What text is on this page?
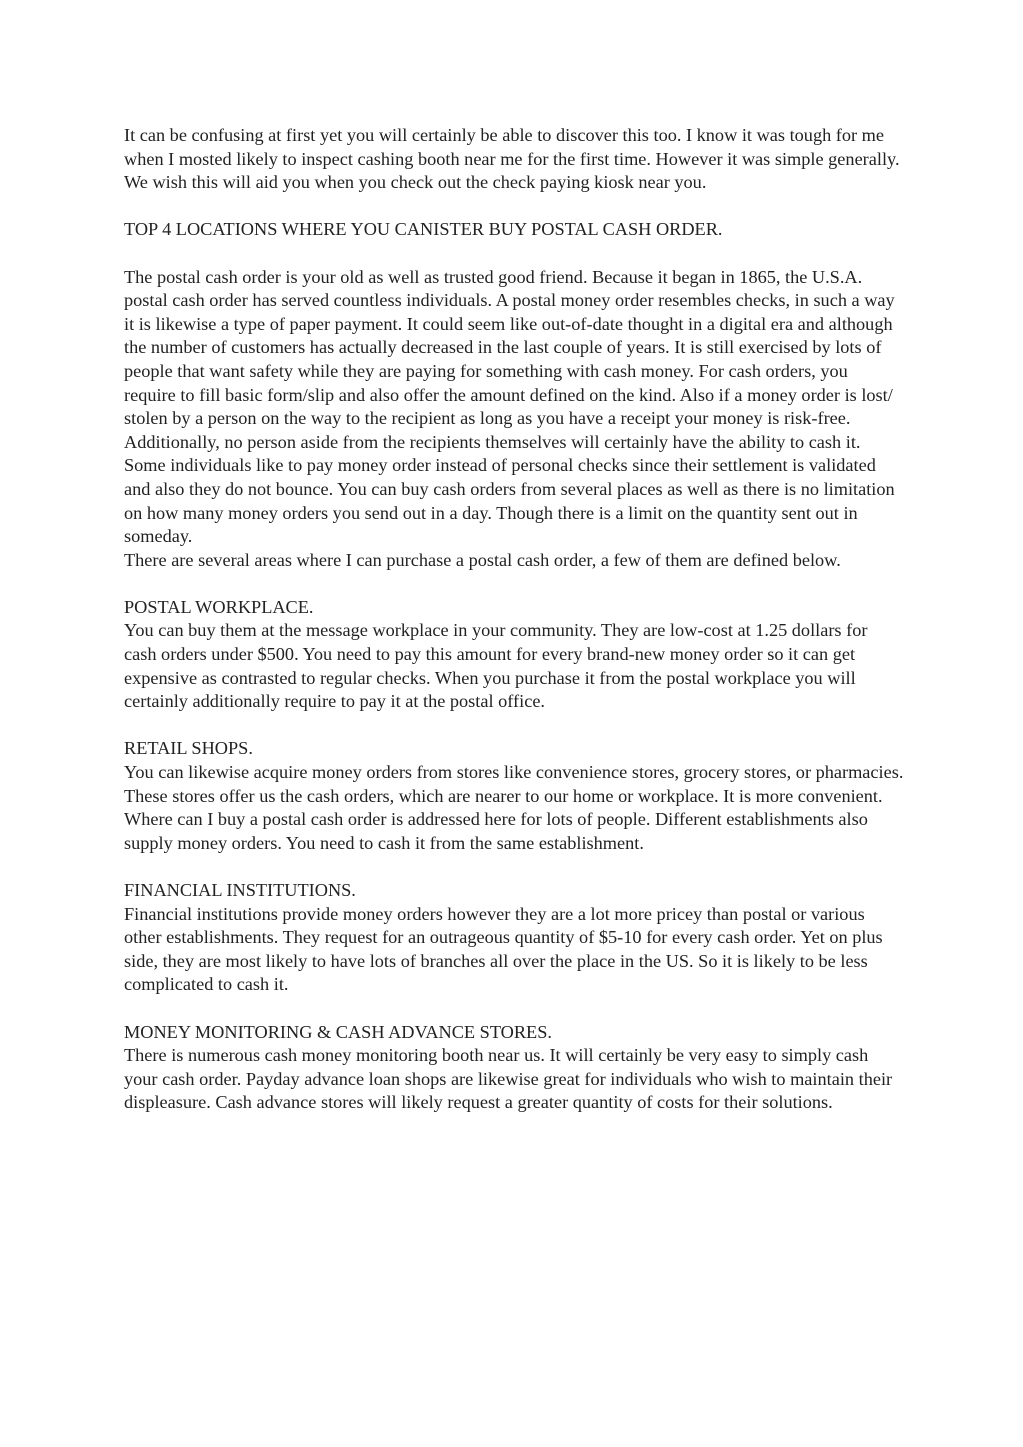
It can be confusing at first yet you will certainly be able to discover this too. I know it was tough for me when I mosted likely to inspect cashing booth near me for the first time. However it was simple generally. We wish this will aid you when you check out the check paying kiosk near you.

TOP 4 LOCATIONS WHERE YOU CANISTER BUY POSTAL CASH ORDER.

The postal cash order is your old as well as trusted good friend. Because it began in 1865, the U.S.A. postal cash order has served countless individuals. A postal money order resembles checks, in such a way it is likewise a type of paper payment. It could seem like out-of-date thought in a digital era and although the number of customers has actually decreased in the last couple of years. It is still exercised by lots of people that want safety while they are paying for something with cash money. For cash orders, you require to fill basic form/slip and also offer the amount defined on the kind. Also if a money order is lost/ stolen by a person on the way to the recipient as long as you have a receipt your money is risk-free. Additionally, no person aside from the recipients themselves will certainly have the ability to cash it.

Some individuals like to pay money order instead of personal checks since their settlement is validated and also they do not bounce. You can buy cash orders from several places as well as there is no limitation on how many money orders you send out in a day. Though there is a limit on the quantity sent out in someday.

There are several areas where I can purchase a postal cash order, a few of them are defined below.

POSTAL WORKPLACE.

You can buy them at the message workplace in your community. They are low-cost at 1.25 dollars for cash orders under $500. You need to pay this amount for every brand-new money order so it can get expensive as contrasted to regular checks. When you purchase it from the postal workplace you will certainly additionally require to pay it at the postal office.

RETAIL SHOPS.

You can likewise acquire money orders from stores like convenience stores, grocery stores, or pharmacies. These stores offer us the cash orders, which are nearer to our home or workplace. It is more convenient. Where can I buy a postal cash order is addressed here for lots of people. Different establishments also supply money orders. You need to cash it from the same establishment.

FINANCIAL INSTITUTIONS.

Financial institutions provide money orders however they are a lot more pricey than postal or various other establishments. They request for an outrageous quantity of $5-10 for every cash order. Yet on plus side, they are most likely to have lots of branches all over the place in the US. So it is likely to be less complicated to cash it.

MONEY MONITORING & CASH ADVANCE STORES.

There is numerous cash money monitoring booth near us. It will certainly be very easy to simply cash your cash order. Payday advance loan shops are likewise great for individuals who wish to maintain their displeasure. Cash advance stores will likely request a greater quantity of costs for their solutions.
